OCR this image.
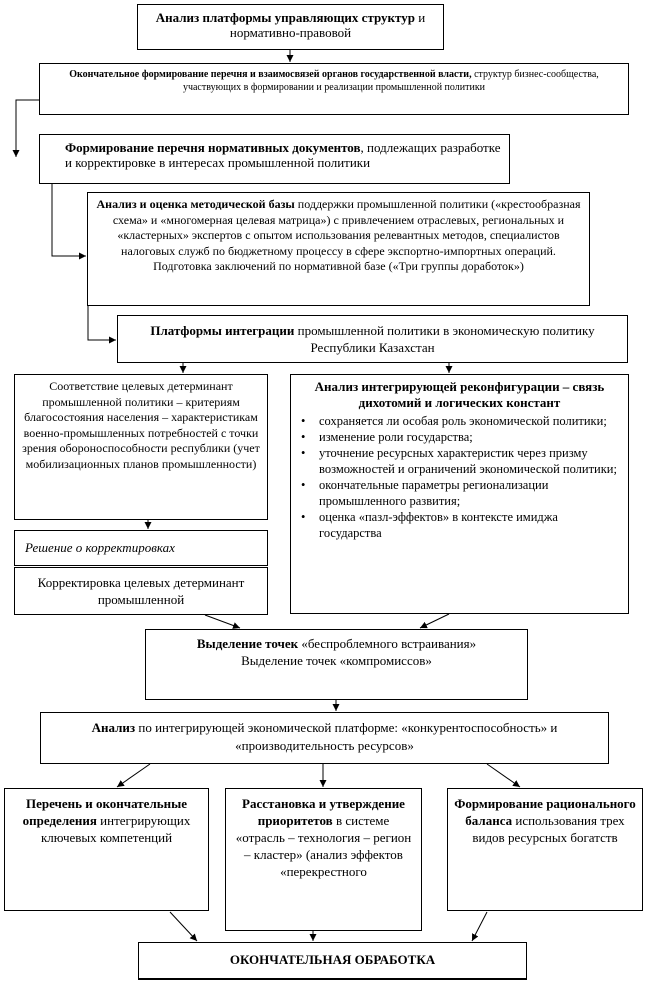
Анализ платформы управляющих структур и нормативно-правовой
Окончательное формирование перечня и взаимосвязей органов государственной власти, структур бизнес-сообщества, участвующих в формировании и реализации промышленной политики
Формирование перечня нормативных документов, подлежащих разработке и корректировке в интересах промышленной политики
Анализ и оценка методической базы поддержки промышленной политики («крестообразная схема» и «многомерная целевая матрица») с привлечением отраслевых, региональных и «кластерных» экспертов с опытом использования релевантных методов, специалистов налоговых служб по бюджетному процессу в сфере экспортно-импортных операций. Подготовка заключений по нормативной базе («Три группы доработок»)
Платформы интеграции промышленной политики в экономическую политику Республики Казахстан
Соответствие целевых детерминант промышленной политики – критериям благосостояния населения – характеристикам военно-промышленных потребностей с точки зрения обороноспособности республики (учет мобилизационных планов промышленности)
Анализ интегрирующей реконфигурации – связь дихотомий и логических констант
• сохраняется ли особая роль экономической политики;
• изменение роли государства;
• уточнение ресурсных характеристик через призму возможностей и ограничений экономической политики;
• окончательные параметры регионализации промышленного развития;
• оценка «пазл-эффектов» в контексте имиджа государства
Решение о корректировках
Корректировка целевых детерминант промышленной
Выделение точек «беспроблемного встраивания»
Выделение точек «компромиссов»
Анализ по интегрирующей экономической платформе: «конкурентоспособность» и «производительность ресурсов»
Перечень и окончательные определения интегрирующих ключевых компетенций
Расстановка и утверждение приоритетов в системе «отрасль – технология – регион – кластер» (анализ эффектов «перекрестного
Формирование рационального баланса использования трех видов ресурсных богатств
ОКОНЧАТЕЛЬНАЯ ОБРАБОТКА
